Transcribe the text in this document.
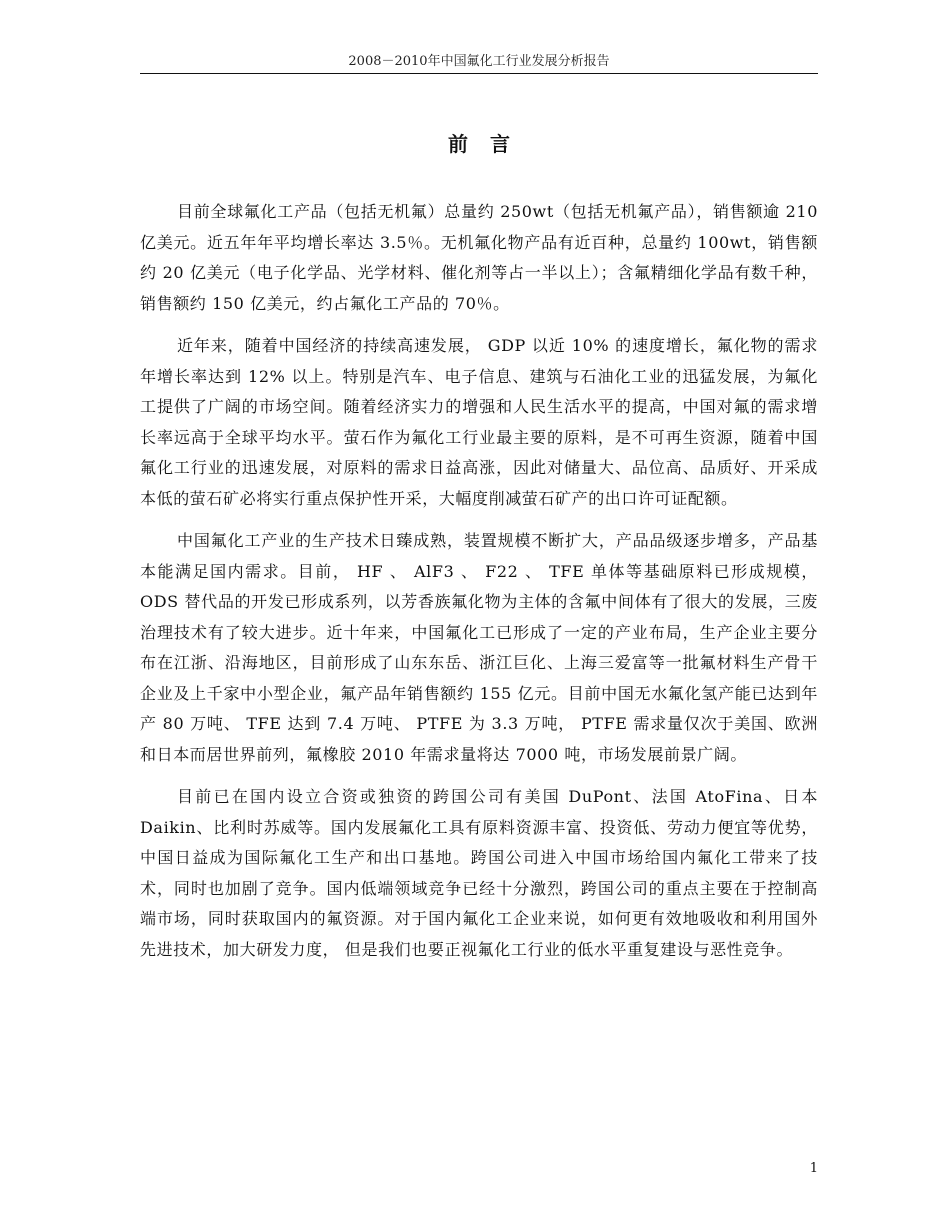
2008－2010年中国氟化工行业发展分析报告
前言

目前全球氟化工产品（包括无机氟）总量约 250wt（包括无机氟产品），销售额逾 210 亿美元。近五年年平均增长率达 3.5％。无机氟化物产品有近百种，总量约 100wt，销售额约 20 亿美元（电子化学品、光学材料、催化剂等占一半以上）；含氟精细化学品有数千种，销售额约 150 亿美元，约占氟化工产品的 70％。

近年来，随着中国经济的持续高速发展， GDP 以近 10% 的速度增长，氟化物的需求年增长率达到 12% 以上。特别是汽车、电子信息、建筑与石油化工业的迅猛发展，为氟化工提供了广阔的市场空间。随着经济实力的增强和人民生活水平的提高，中国对氟的需求增长率远高于全球平均水平。萤石作为氟化工行业最主要的原料，是不可再生资源，随着中国氟化工行业的迅速发展，对原料的需求日益高涨，因此对储量大、品位高、品质好、开采成本低的萤石矿必将实行重点保护性开采，大幅度削减萤石矿产的出口许可证配额。

中国氟化工产业的生产技术日臻成熟，装置规模不断扩大，产品品级逐步增多，产品基本能满足国内需求。目前， HF 、 AlF3 、 F22 、 TFE 单体等基础原料已形成规模， ODS 替代品的开发已形成系列，以芳香族氟化物为主体的含氟中间体有了很大的发展，三废治理技术有了较大进步。近十年来，中国氟化工已形成了一定的产业布局，生产企业主要分布在江浙、沿海地区，目前形成了山东东岳、浙江巨化、上海三爱富等一批氟材料生产骨干企业及上千家中小型企业，氟产品年销售额约 155 亿元。目前中国无水氟化氢产能已达到年产 80 万吨、 TFE 达到 7.4 万吨、 PTFE 为 3.3 万吨， PTFE 需求量仅次于美国、欧洲和日本而居世界前列，氟橡胶 2010 年需求量将达 7000 吨，市场发展前景广阔。

目前已在国内设立合资或独资的跨国公司有美国 DuPont、法国 AtoFina、日本 Daikin、比利时苏威等。国内发展氟化工具有原料资源丰富、投资低、劳动力便宜等优势，中国日益成为国际氟化工生产和出口基地。跨国公司进入中国市场给国内氟化工带来了技术，同时也加剧了竞争。国内低端领域竞争已经十分激烈，跨国公司的重点主要在于控制高端市场，同时获取国内的氟资源。对于国内氟化工企业来说，如何更有效地吸收和利用国外先进技术，加大研发力度， 但是我们也要正视氟化工行业的低水平重复建设与恶性竞争。

1
